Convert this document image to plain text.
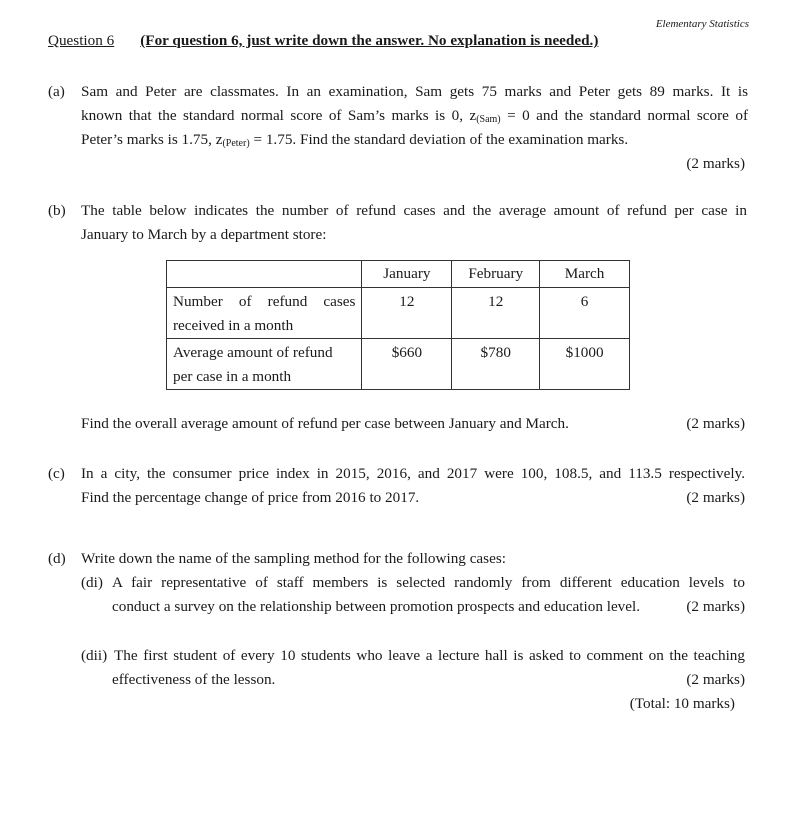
Elementary Statistics
Question 6 (For question 6, just write down the answer. No explanation is needed.)
(a) Sam and Peter are classmates. In an examination, Sam gets 75 marks and Peter gets 89 marks. It is
known that the standard normal score of Sam’s marks is 0, $z_{(Sam)} = 0$ and the standard normal score of
Peter’s marks is 1.75, $z_{(Peter)} = 1.75$. Find the standard deviation of the examination marks.
(2 marks)
(b) The table below indicates the number of refund cases and the average amount of refund per case in
January to March by a department store:
	January	February	March
Number of refund cases received in a month	12	12	6
Average amount of refund per case in a month	$660	$780	$1000
Find the overall average amount of refund per case between January and March.	(2 marks)
(c) In a city, the consumer price index in 2015, 2016, and 2017 were 100, 108.5, and 113.5 respectively.
Find the percentage change of price from 2016 to 2017.	(2 marks)
(d) Write down the name of the sampling method for the following cases:
(di) A fair representative of staff members is selected randomly from different education levels to
conduct a survey on the relationship between promotion prospects and education level.	(2 marks)
(dii) The first student of every 10 students who leave a lecture hall is asked to comment on the teaching
effectiveness of the lesson.	(2 marks)
(Total: 10 marks)
